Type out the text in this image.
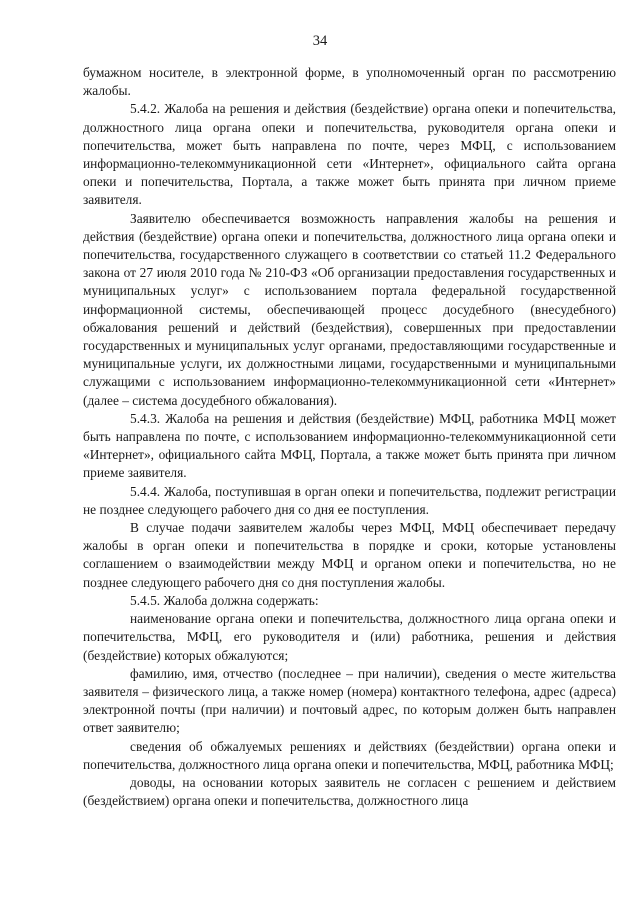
34

бумажном носителе, в электронной форме, в уполномоченный орган по рассмотрению жалобы.

5.4.2. Жалоба на решения и действия (бездействие) органа опеки и попечительства, должностного лица органа опеки и попечительства, руководителя органа опеки и попечительства, может быть направлена по почте, через МФЦ, с использованием информационно-телекоммуникационной сети «Интернет», официального сайта органа опеки и попечительства, Портала, а также может быть принята при личном приеме заявителя.

Заявителю обеспечивается возможность направления жалобы на решения и действия (бездействие) органа опеки и попечительства, должностного лица органа опеки и попечительства, государственного служащего в соответствии со статьей 11.2 Федерального закона от 27 июля 2010 года № 210-ФЗ «Об организации предоставления государственных и муниципальных услуг» с использованием портала федеральной государственной информационной системы, обеспечивающей процесс досудебного (внесудебного) обжалования решений и действий (бездействия), совершенных при предоставлении государственных и муниципальных услуг органами, предоставляющими государственные и муниципальные услуги, их должностными лицами, государственными и муниципальными служащими с использованием информационно-телекоммуникационной сети «Интернет» (далее – система досудебного обжалования).

5.4.3. Жалоба на решения и действия (бездействие) МФЦ, работника МФЦ может быть направлена по почте, с использованием информационно-телекоммуникационной сети «Интернет», официального сайта МФЦ, Портала, а также может быть принята при личном приеме заявителя.

5.4.4. Жалоба, поступившая в орган опеки и попечительства, подлежит регистрации не позднее следующего рабочего дня со дня ее поступления.

В случае подачи заявителем жалобы через МФЦ, МФЦ обеспечивает передачу жалобы в орган опеки и попечительства в порядке и сроки, которые установлены соглашением о взаимодействии между МФЦ и органом опеки и попечительства, но не позднее следующего рабочего дня со дня поступления жалобы.

5.4.5. Жалоба должна содержать:

наименование органа опеки и попечительства, должностного лица органа опеки и попечительства, МФЦ, его руководителя и (или) работника, решения и действия (бездействие) которых обжалуются;

фамилию, имя, отчество (последнее – при наличии), сведения о месте жительства заявителя – физического лица, а также номер (номера) контактного телефона, адрес (адреса) электронной почты (при наличии) и почтовый адрес, по которым должен быть направлен ответ заявителю;

сведения об обжалуемых решениях и действиях (бездействии) органа опеки и попечительства, должностного лица органа опеки и попечительства, МФЦ, работника МФЦ;

доводы, на основании которых заявитель не согласен с решением и действием (бездействием) органа опеки и попечительства, должностного лица
